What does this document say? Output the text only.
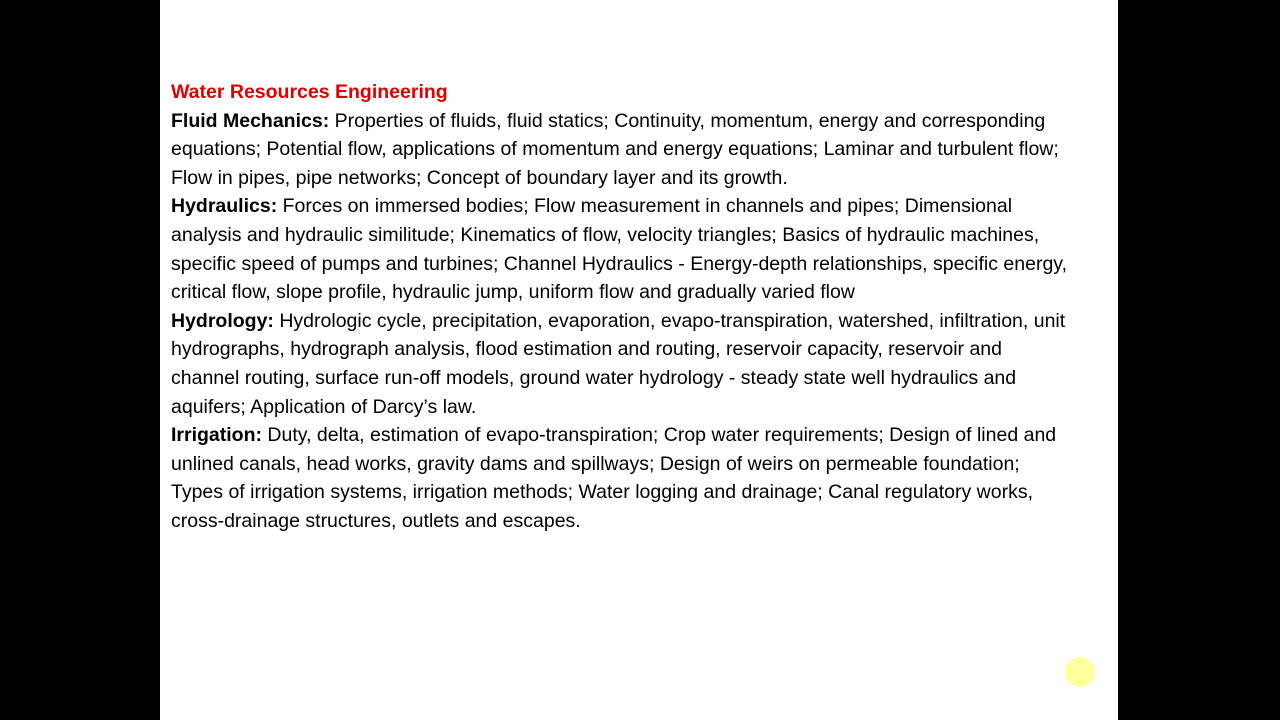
Water Resources Engineering

Fluid Mechanics: Properties of fluids, fluid statics; Continuity, momentum, energy and corresponding equations; Potential flow, applications of momentum and energy equations; Laminar and turbulent flow; Flow in pipes, pipe networks; Concept of boundary layer and its growth.

Hydraulics: Forces on immersed bodies; Flow measurement in channels and pipes; Dimensional analysis and hydraulic similitude; Kinematics of flow, velocity triangles; Basics of hydraulic machines, specific speed of pumps and turbines; Channel Hydraulics - Energy-depth relationships, specific energy, critical flow, slope profile, hydraulic jump, uniform flow and gradually varied flow

Hydrology: Hydrologic cycle, precipitation, evaporation, evapo-transpiration, watershed, infiltration, unit hydrographs, hydrograph analysis, flood estimation and routing, reservoir capacity, reservoir and channel routing, surface run-off models, ground water hydrology - steady state well hydraulics and aquifers; Application of Darcy’s law.

Irrigation: Duty, delta, estimation of evapo-transpiration; Crop water requirements; Design of lined and unlined canals, head works, gravity dams and spillways; Design of weirs on permeable foundation; Types of irrigation systems, irrigation methods; Water logging and drainage; Canal regulatory works, cross-drainage structures, outlets and escapes.
